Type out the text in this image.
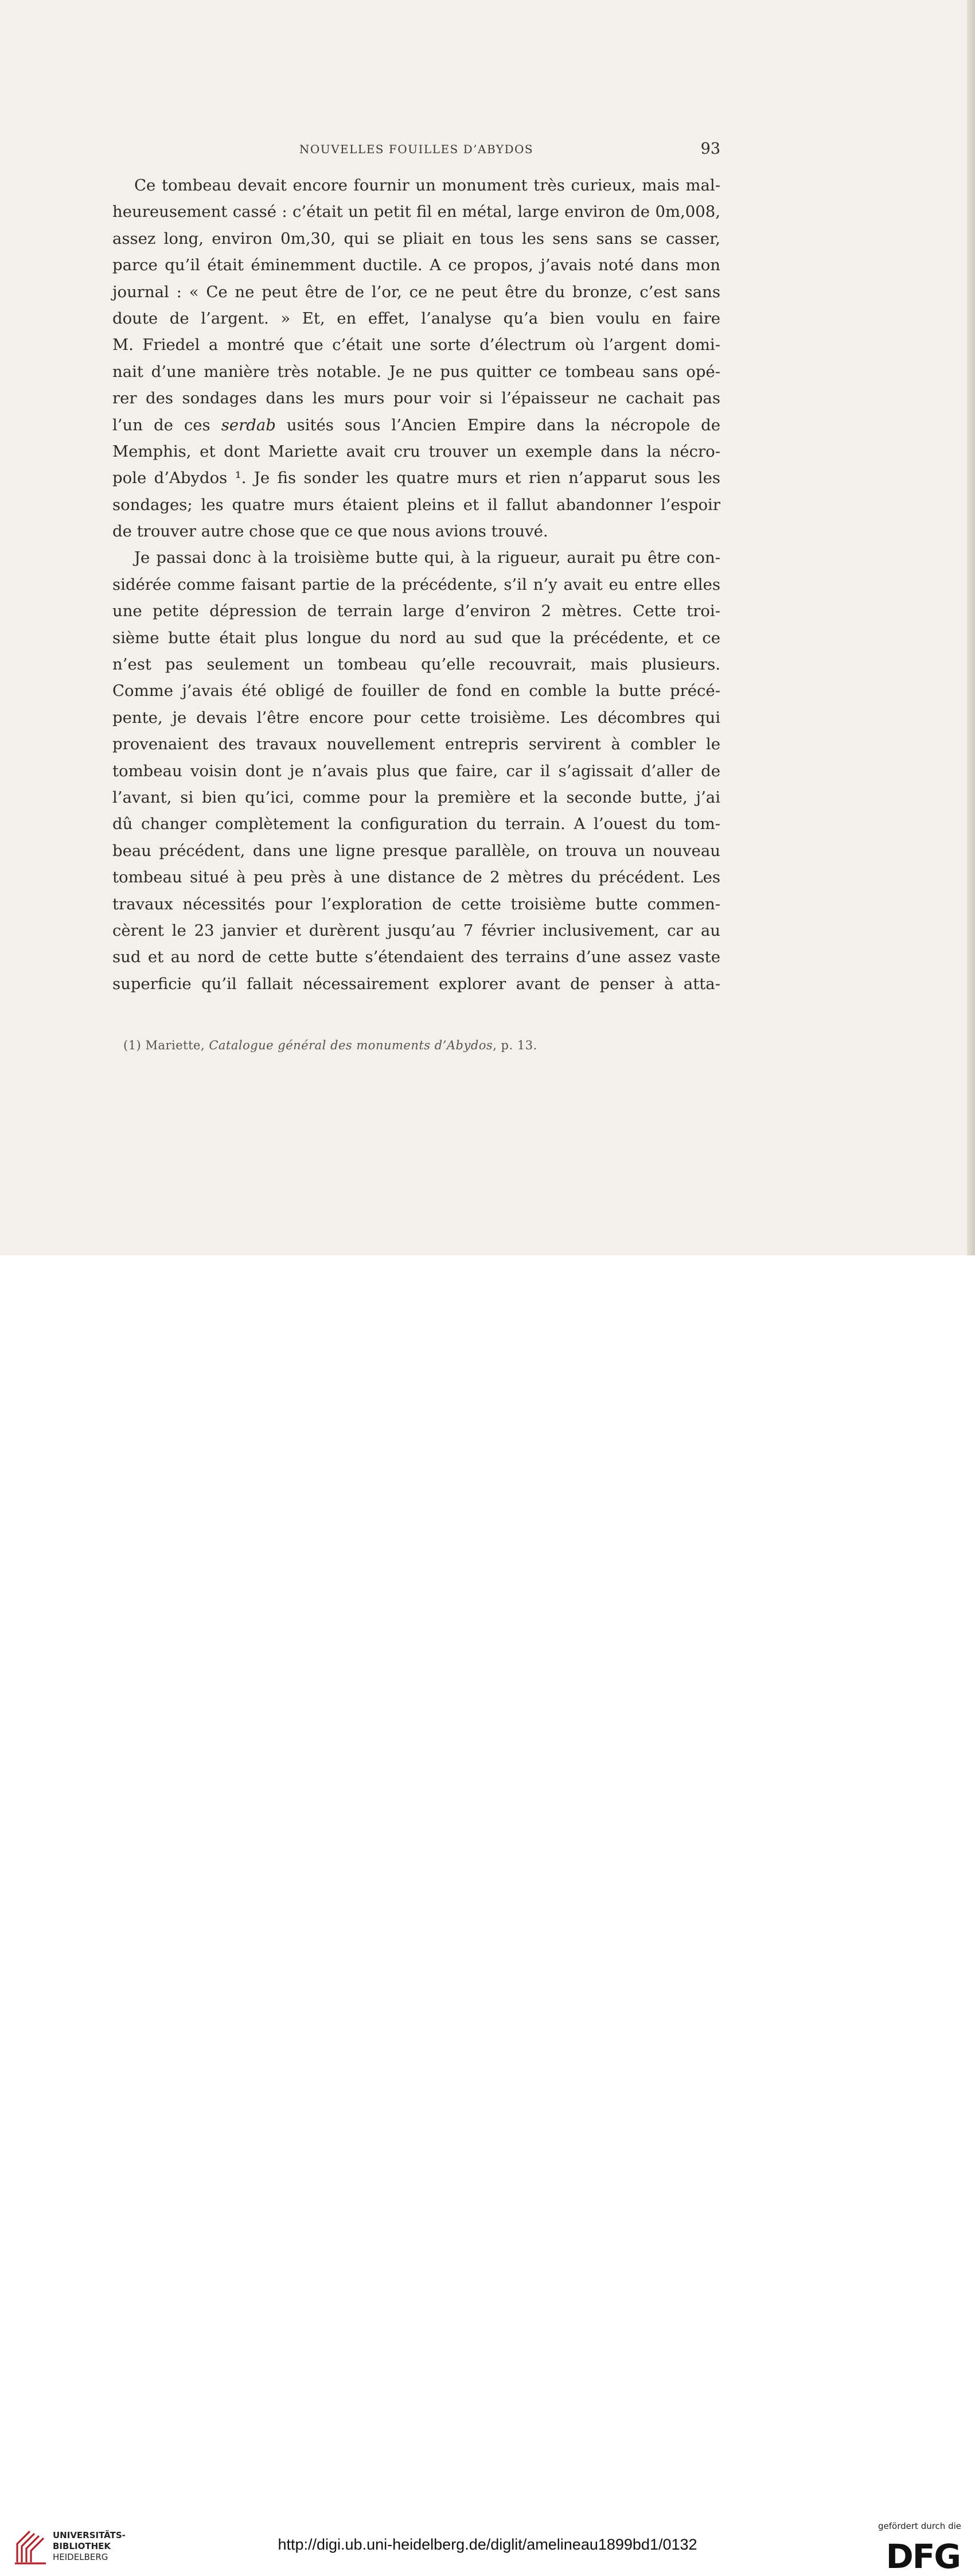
NOUVELLES FOUILLES D’ABYDOS	93
Ce tombeau devait encore fournir un monument très curieux, mais mal-
heureusement cassé : c’était un petit fil en métal, large environ de 0m,008,
assez long, environ 0m,30, qui se pliait en tous les sens sans se casser,
parce qu’il était éminemment ductile. A ce propos, j’avais noté dans mon
journal : « Ce ne peut être de l’or, ce ne peut être du bronze, c’est sans
doute de l’argent. » Et, en effet, l’analyse qu’a bien voulu en faire
M. Friedel a montré que c’était une sorte d’électrum où l’argent domi-
nait d’une manière très notable. Je ne pus quitter ce tombeau sans opé-
rer des sondages dans les murs pour voir si l’épaisseur ne cachait pas
l’un de ces serdab usités sous l’Ancien Empire dans la nécropole de
Memphis, et dont Mariette avait cru trouver un exemple dans la nécro-
pole d’Abydos ¹. Je fis sonder les quatre murs et rien n’apparut sous les
sondages; les quatre murs étaient pleins et il fallut abandonner l’espoir
de trouver autre chose que ce que nous avions trouvé.
Je passai donc à la troisième butte qui, à la rigueur, aurait pu être con-
sidérée comme faisant partie de la précédente, s’il n’y avait eu entre elles
une petite dépression de terrain large d’environ 2 mètres. Cette troi-
sième butte était plus longue du nord au sud que la précédente, et ce
n’est pas seulement un tombeau qu’elle recouvrait, mais plusieurs.
Comme j’avais été obligé de fouiller de fond en comble la butte précé-
pente, je devais l’être encore pour cette troisième. Les décombres qui
provenaient des travaux nouvellement entrepris servirent à combler le
tombeau voisin dont je n’avais plus que faire, car il s’agissait d’aller de
l’avant, si bien qu’ici, comme pour la première et la seconde butte, j’ai
dû changer complètement la configuration du terrain. A l’ouest du tom-
beau précédent, dans une ligne presque parallèle, on trouva un nouveau
tombeau situé à peu près à une distance de 2 mètres du précédent. Les
travaux nécessités pour l’exploration de cette troisième butte commen-
cèrent le 23 janvier et durèrent jusqu’au 7 février inclusivement, car au
sud et au nord de cette butte s’étendaient des terrains d’une assez vaste
superficie qu’il fallait nécessairement explorer avant de penser à atta-
(1) Mariette, Catalogue général des monuments d’Abydos, p. 13.
UNIVERSITÄTS-
BIBLIOTHEK
HEIDELBERG
http://digi.ub.uni-heidelberg.de/diglit/amelineau1899bd1/0132
gefördert durch die
DFG
